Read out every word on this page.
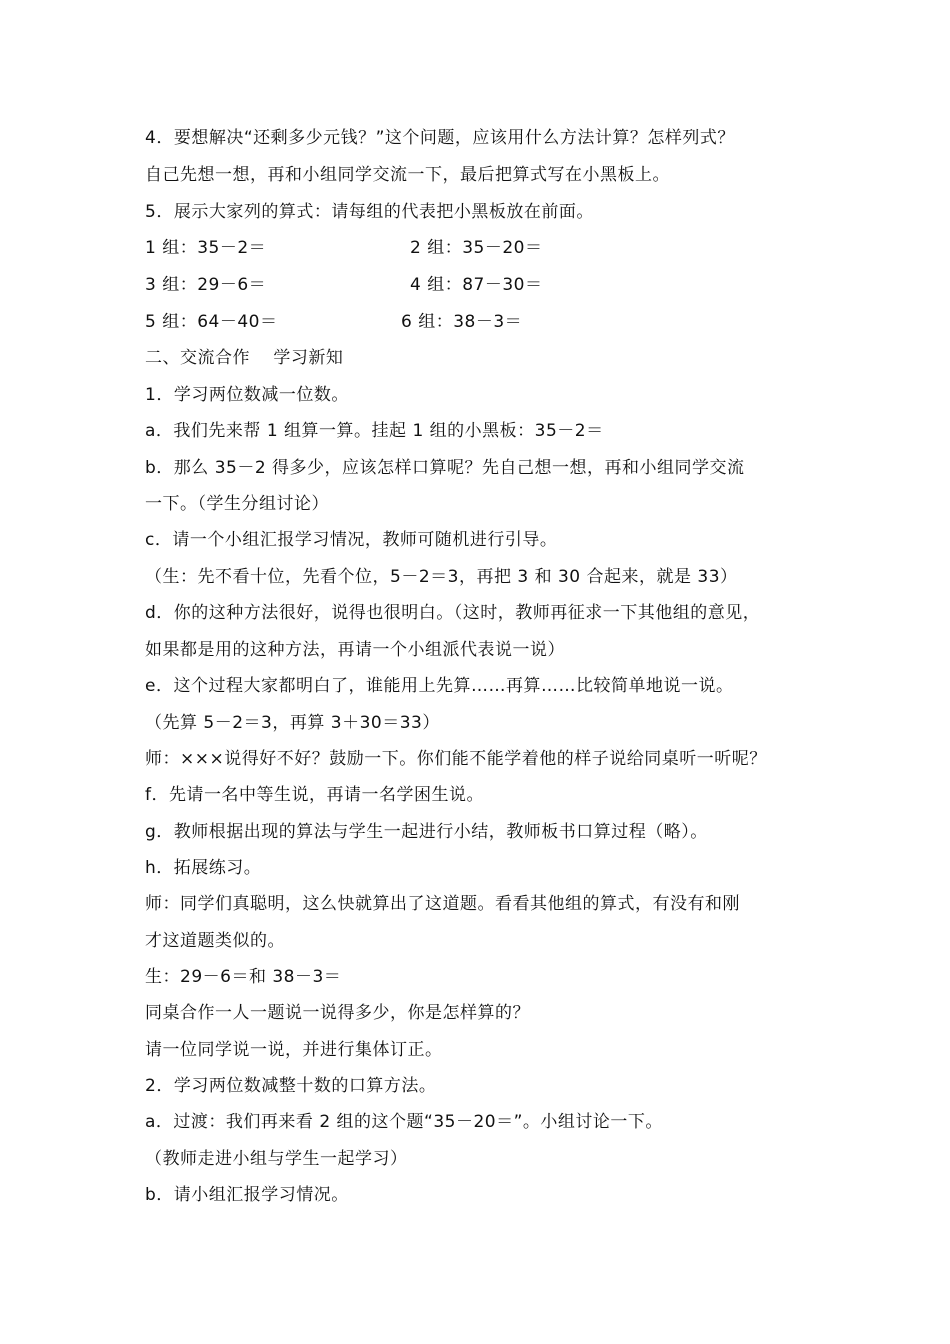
4．要想解决“还剩多少元钱？”这个问题，应该用什么方法计算？怎样列式？
自己先想一想，再和小组同学交流一下，最后把算式写在小黑板上。
5．展示大家列的算式：请每组的代表把小黑板放在前面。
1 组：35－2＝	2 组：35－20＝
3 组：29－6＝	4 组：87－30＝
5 组：64－40＝	6 组：38－3＝
二、交流合作　 学习新知
1．学习两位数减一位数。
a．我们先来帮 1 组算一算。挂起 1 组的小黑板：35－2＝
b．那么 35－2 得多少，应该怎样口算呢？先自己想一想，再和小组同学交流
一下。（学生分组讨论）
c．请一个小组汇报学习情况，教师可随机进行引导。
（生：先不看十位，先看个位，5－2＝3，再把 3 和 30 合起来，就是 33）
d．你的这种方法很好，说得也很明白。（这时，教师再征求一下其他组的意见，
如果都是用的这种方法，再请一个小组派代表说一说）
e．这个过程大家都明白了，谁能用上先算……再算……比较简单地说一说。
（先算 5－2＝3，再算 3＋30＝33）
师：×××说得好不好？鼓励一下。你们能不能学着他的样子说给同桌听一听呢？
f．先请一名中等生说，再请一名学困生说。
g．教师根据出现的算法与学生一起进行小结，教师板书口算过程（略）。
h．拓展练习。
师：同学们真聪明，这么快就算出了这道题。看看其他组的算式，有没有和刚
才这道题类似的。
生：29－6＝和 38－3＝
同桌合作一人一题说一说得多少，你是怎样算的？
请一位同学说一说，并进行集体订正。
2．学习两位数减整十数的口算方法。
a．过渡：我们再来看 2 组的这个题“35－20＝”。小组讨论一下。
（教师走进小组与学生一起学习）
b．请小组汇报学习情况。
